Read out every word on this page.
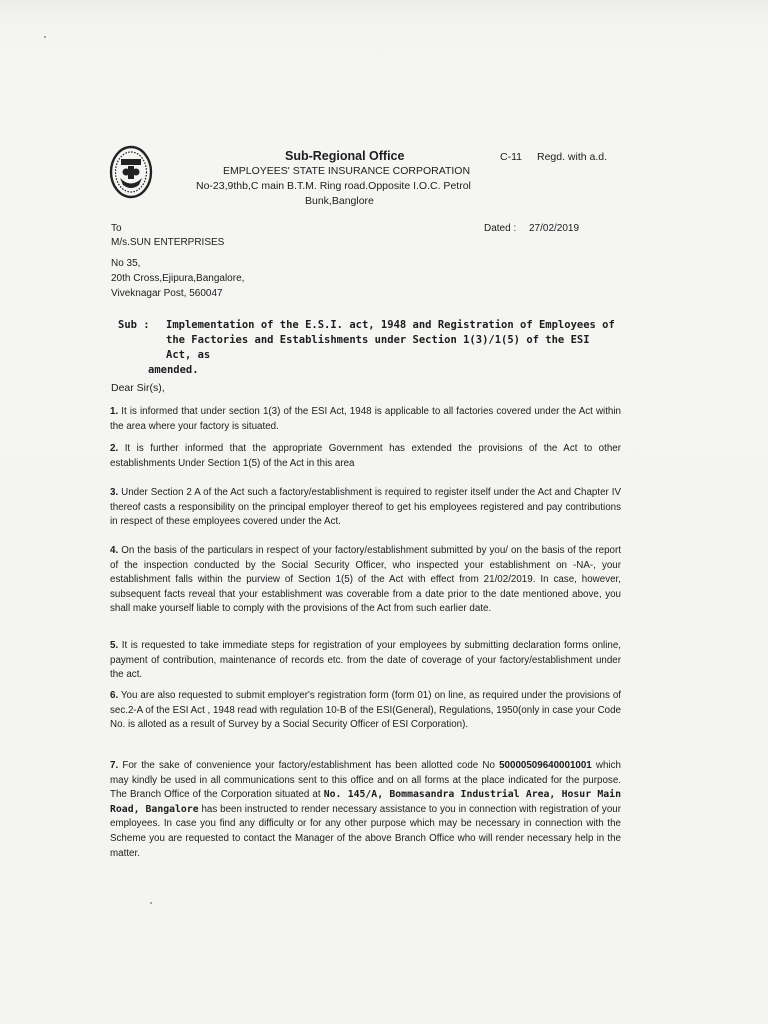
Sub-Regional Office
EMPLOYEES' STATE INSURANCE CORPORATION
No-23,9thb,C main B.T.M. Ring road.Opposite I.O.C. Petrol
Bunk,Banglore
C-11 Regd. with a.d.
To	Dated : 27/02/2019
M/s.SUN ENTERPRISES
No 35,
20th Cross,Ejipura,Bangalore,
Viveknagar Post, 560047
Sub : Implementation of the E.S.I. act, 1948 and Registration of Employees of
the Factories and Establishments under Section 1(3)/1(5) of the ESI Act, as
amended.
Dear Sir(s),
1. It is informed that under section 1(3) of the ESI Act, 1948 is applicable to all factories covered under the Act within the area where your factory is situated.
2. It is further informed that the appropriate Government has extended the provisions of the Act to other establishments Under Section 1(5) of the Act in this area
3. Under Section 2 A of the Act such a factory/establishment is required to register itself under the Act and Chapter IV thereof casts a responsibility on the principal employer thereof to get his employees registered and pay contributions in respect of these employees covered under the Act.
4. On the basis of the particulars in respect of your factory/establishment submitted by you/ on the basis of the report of the inspection conducted by the Social Security Officer, who inspected your establishment on -NA-, your establishment falls within the purview of Section 1(5) of the Act with effect from 21/02/2019. In case, however, subsequent facts reveal that your establishment was coverable from a date prior to the date mentioned above, you shall make yourself liable to comply with the provisions of the Act from such earlier date.
5. It is requested to take immediate steps for registration of your employees by submitting declaration forms online, payment of contribution, maintenance of records etc. from the date of coverage of your factory/establishment under the act.
6. You are also requested to submit employer's registration form (form 01) on line, as required under the provisions of sec.2-A of the ESI Act , 1948 read with regulation 10-B of the ESI(General), Regulations, 1950(only in case your Code No. is alloted as a result of Survey by a Social Security Officer of ESI Corporation).
7. For the sake of convenience your factory/establishment has been allotted code No 50000509640001001 which may kindly be used in all communications sent to this office and on all forms at the place indicated for the purpose. The Branch Office of the Corporation situated at No. 145/A, Bommasandra Industrial Area, Hosur Main Road, Bangalore has been instructed to render necessary assistance to you in connection with registration of your employees. In case you find any difficulty or for any other purpose which may be necessary in connection with the Scheme you are requested to contact the Manager of the above Branch Office who will render necessary help in the matter.
